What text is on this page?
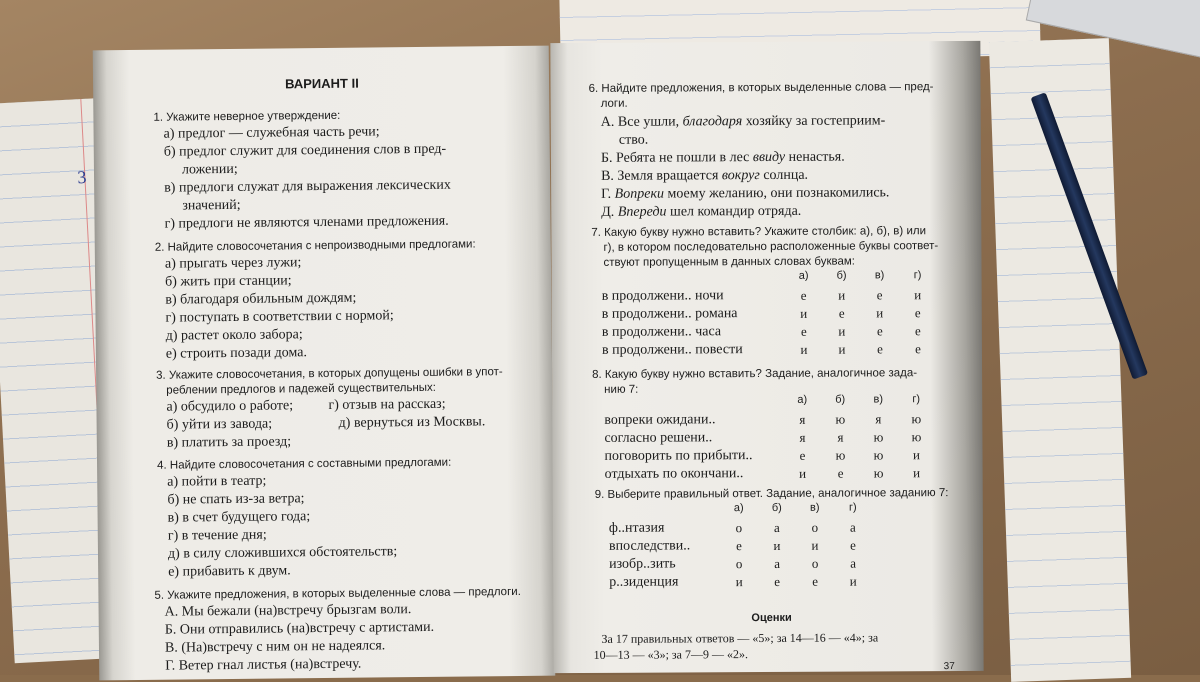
3
ВАРИАНТ II
1. Укажите неверное утверждение:
а) предлог — служебная часть речи;
б) предлог служит для соединения слов в пред-
ложении;
в) предлоги служат для выражения лексических
значений;
г) предлоги не являются членами предложения.
2. Найдите словосочетания с непроизводными предлогами:
а) прыгать через лужи;
б) жить при станции;
в) благодаря обильным дождям;
г) поступать в соответствии с нормой;
д) растет около забора;
е) строить позади дома.
3. Укажите словосочетания, в которых допущены ошибки в упот-
реблении предлогов и падежей существительных:
а) обсудило о работе;
б) уйти из завода;
в) платить за проезд;
г) отзыв на рассказ;
д) вернуться из Москвы.
4. Найдите словосочетания с составными предлогами:
а) пойти в театр;
б) не спать из-за ветра;
в) в счет будущего года;
г) в течение дня;
д) в силу сложившихся обстоятельств;
е) прибавить к двум.
5. Укажите предложения, в которых выделенные слова — предлоги.
А. Мы бежали (на)встречу брызгам воли.
Б. Они отправились (на)встречу с артистами.
В. (На)встречу с ним он не надеялся.
Г. Ветер гнал листья (на)встречу.
6. Найдите предложения, в которых выделенные слова — пред-
логи.
А. Все ушли, благодаря хозяйку за гостеприим-
ство.
Б. Ребята не пошли в лес ввиду ненастья.
В. Земля вращается вокруг солнца.
Г. Вопреки моему желанию, они познакомились.
Д. Впереди шел командир отряда.
7. Какую букву нужно вставить? Укажите столбик: а), б), в) или
г), в котором последовательно расположенные буквы соответ-
ствуют пропущенным в данных словах буквам:
8. Какую букву нужно вставить? Задание, аналогичное зада-
нию 7:
9. Выберите правильный ответ. Задание, аналогичное заданию 7:
Оценки
За 17 правильных ответов — «5»; за 14—16 — «4»; за
10—13 — «3»; за 7—9 — «2».
37
а)	б)	в)	г)
в продолжени.. ночи	е	и	е	и
в продолжени.. романа	и	е	и	е
в продолжени.. часа	е	и	е	е
в продолжени.. повести	и	и	е	е
а)	б)	в)	г)
вопреки ожидани..	я	ю	я	ю
согласно решени..	я	я	ю	ю
поговорить по прибыти..	е	ю	ю	и
отдыхать по окончани..	и	е	ю	и
а)	б)	в)	г)
ф..нтазия	о	а	о	а
впоследстви..	е	и	и	е
изобр..зить	о	а	о	а
р..зиденция	и	е	е	и
